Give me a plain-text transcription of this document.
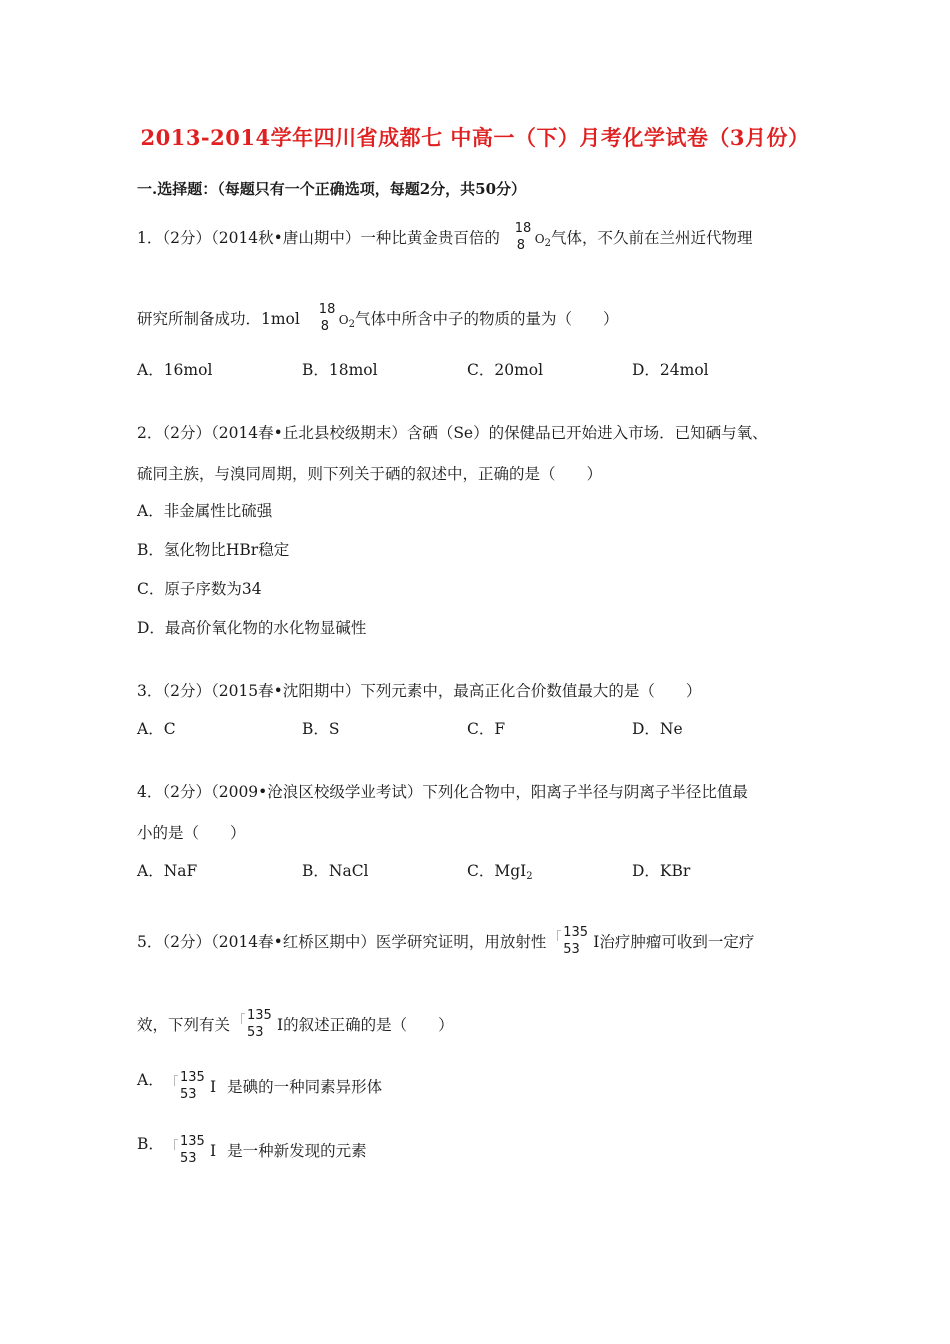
2013-2014学年四川省成都七 中高一（下）月考化学试卷（3月份）
一.选择题：（每题只有一个正确选项，每题2分，共50分）
1．（2分）（2014秋•唐山期中）一种比黄金贵百倍的
18
8 O2气体，不久前在兰州近代物理
研究所制备成功．1mol
18
8 O2气体中所含中子的物质的量为（　　）
A．16mol	B．18mol	C．20mol	D．24mol
2．（2分）（2014春•丘北县校级期末）含硒（Se）的保健品已开始进入市场．已知硒与氧、
硫同主族，与溴同周期，则下列关于硒的叙述中，正确的是（　　）
A．非金属性比硫强
B．氢化物比HBr稳定
C．原子序数为34
D．最高价氧化物的水化物显碱性
3．（2分）（2015春•沈阳期中）下列元素中，最高正化合价数值最大的是（　　）
A．C	B．S	C．F	D．Ne
4．（2分）（2009•沧浪区校级学业考试）下列化合物中，阳离子半径与阴离子半径比值最
小的是（　　）
A．NaF	B．NaCl	C．MgI2	D．KBr
5．（2分）（2014春•红桥区期中）医学研究证明，用放射性
135
53 I治疗肿瘤可收到一定疗
效，下列有关
135
53 I的叙述正确的是（　　）
A． 135
53 I 是碘的一种同素异形体
B． 135
53 I 是一种新发现的元素
